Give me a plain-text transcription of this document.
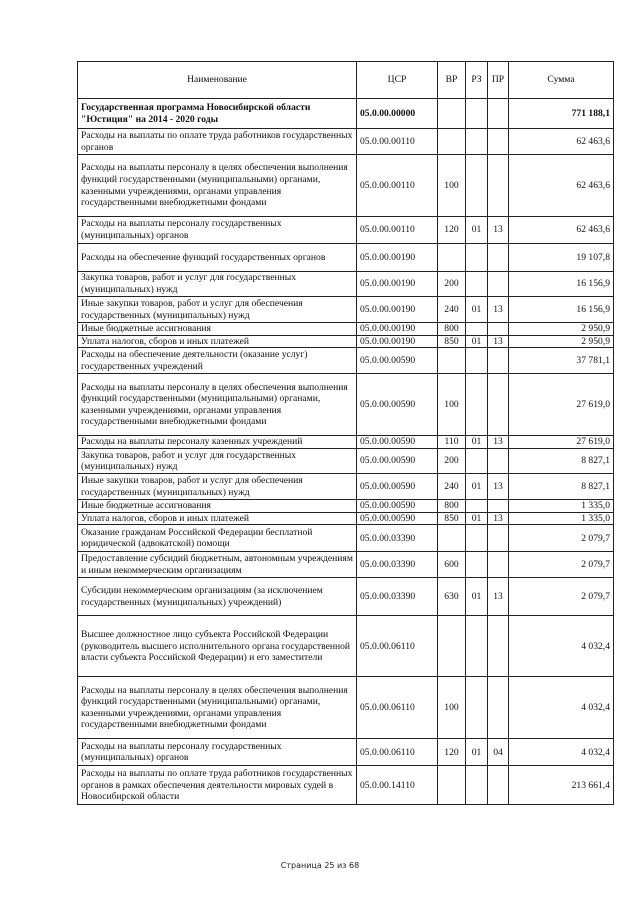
Наименование	ЦСР	ВР	РЗ	ПР	Сумма
Государственная программа Новосибирской области "Юстиция" на 2014 - 2020 годы	05.0.00.00000				771 188,1
Расходы на выплаты по оплате труда работников государственных органов	05.0.00.00110				62 463,6
Расходы на выплаты персоналу в целях обеспечения выполнения функций государственными (муниципальными) органами, казенными учреждениями, органами управления государственными внебюджетными фондами	05.0.00.00110	100			62 463,6
Расходы на выплаты персоналу государственных (муниципальных) органов	05.0.00.00110	120	01	13	62 463,6
Расходы на обеспечение функций государственных органов	05.0.00.00190				19 107,8
Закупка товаров, работ и услуг для государственных (муниципальных) нужд	05.0.00.00190	200			16 156,9
Иные закупки товаров, работ и услуг для обеспечения государственных (муниципальных) нужд	05.0.00.00190	240	01	13	16 156,9
Иные бюджетные ассигнования	05.0.00.00190	800			2 950,9
Уплата налогов, сборов и иных платежей	05.0.00.00190	850	01	13	2 950,9
Расходы на обеспечение деятельности (оказание услуг) государственных учреждений	05.0.00.00590				37 781,1
Расходы на выплаты персоналу в целях обеспечения выполнения функций государственными (муниципальными) органами, казенными учреждениями, органами управления государственными внебюджетными фондами	05.0.00.00590	100			27 619,0
Расходы на выплаты персоналу казенных учреждений	05.0.00.00590	110	01	13	27 619,0
Закупка товаров, работ и услуг для государственных (муниципальных) нужд	05.0.00.00590	200			8 827,1
Иные закупки товаров, работ и услуг для обеспечения государственных (муниципальных) нужд	05.0.00.00590	240	01	13	8 827,1
Иные бюджетные ассигнования	05.0.00.00590	800			1 335,0
Уплата налогов, сборов и иных платежей	05.0.00.00590	850	01	13	1 335,0
Оказание гражданам Российской Федерации бесплатной юридической (адвокатской) помощи	05.0.00.03390				2 079,7
Предоставление субсидий бюджетным, автономным учреждениям и иным некоммерческим организациям	05.0.00.03390	600			2 079,7
Субсидии некоммерческим организациям (за исключением государственных (муниципальных) учреждений)	05.0.00.03390	630	01	13	2 079,7
Высшее должностное лицо субъекта Российской Федерации (руководитель высшего исполнительного органа государственной власти субъекта Российской Федерации) и его заместители	05.0.00.06110				4 032,4
Расходы на выплаты персоналу в целях обеспечения выполнения функций государственными (муниципальными) органами, казенными учреждениями, органами управления государственными внебюджетными фондами	05.0.00.06110	100			4 032,4
Расходы на выплаты персоналу государственных (муниципальных) органов	05.0.00.06110	120	01	04	4 032,4
Расходы на выплаты по оплате труда работников государственных органов в рамках обеспечения деятельности мировых судей в Новосибирской области	05.0.00.14110				213 661,4
Страница 25 из 68
